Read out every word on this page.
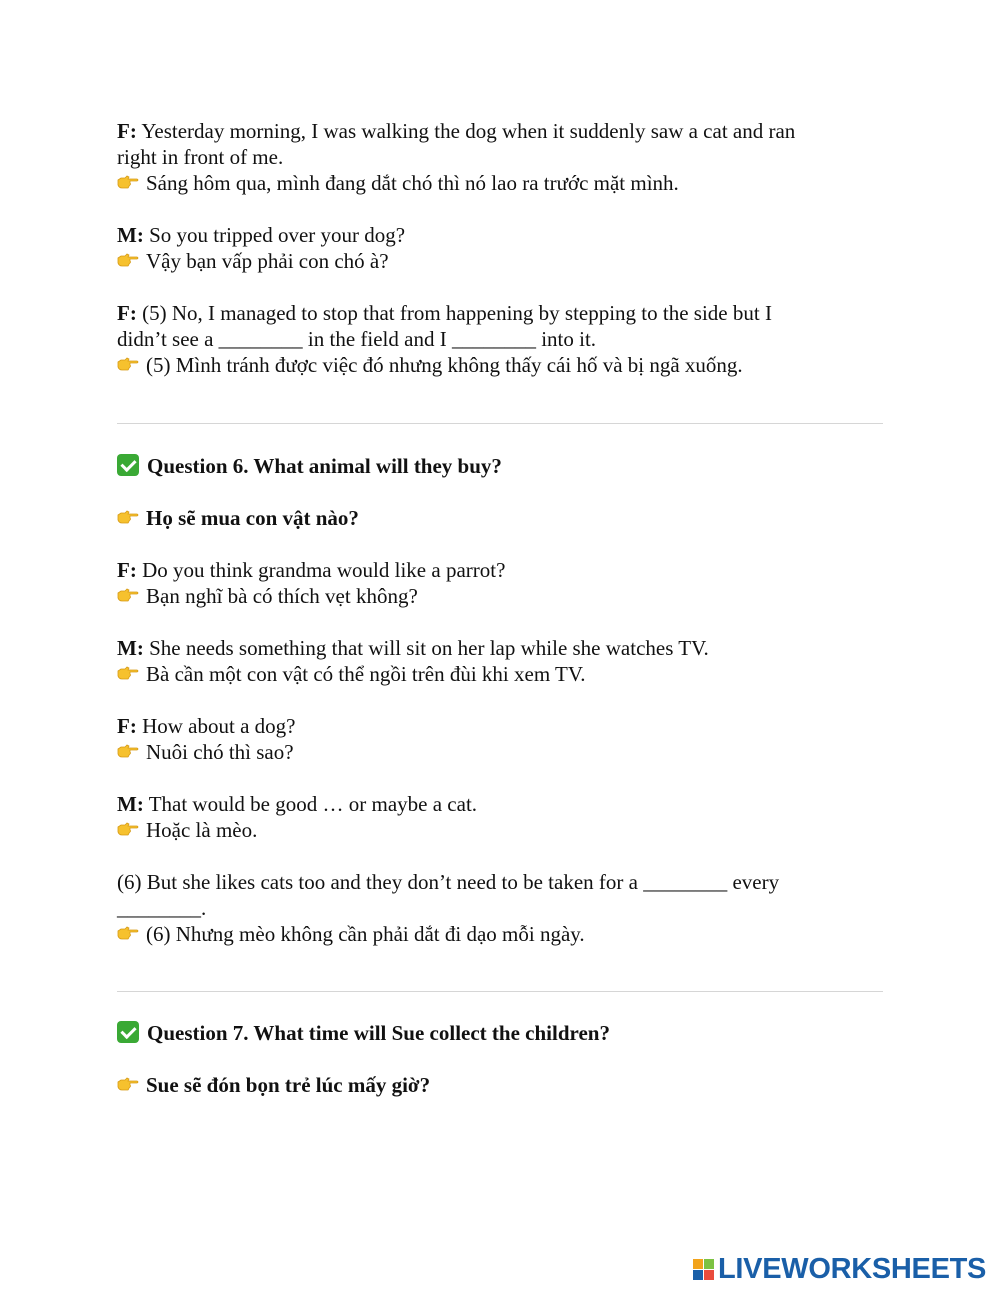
F: Yesterday morning, I was walking the dog when it suddenly saw a cat and ran

right in front of me.

Sáng hôm qua, mình đang dắt chó thì nó lao ra trước mặt mình.

M: So you tripped over your dog?

Vậy bạn vấp phải con chó à?

F: (5) No, I managed to stop that from happening by stepping to the side but I

didn’t see a ________ in the field and I ________ into it.

(5) Mình tránh được việc đó nhưng không thấy cái hố và bị ngã xuống.

Question 6. What animal will they buy?

Họ sẽ mua con vật nào?

F: Do you think grandma would like a parrot?

Bạn nghĩ bà có thích vẹt không?

M: She needs something that will sit on her lap while she watches TV.

Bà cần một con vật có thể ngồi trên đùi khi xem TV.

F: How about a dog?

Nuôi chó thì sao?

M: That would be good … or maybe a cat.

Hoặc là mèo.

(6) But she likes cats too and they don’t need to be taken for a ________ every

________.

(6) Nhưng mèo không cần phải dắt đi dạo mỗi ngày.

Question 7. What time will Sue collect the children?

Sue sẽ đón bọn trẻ lúc mấy giờ?

LIVEWORKSHEETS
